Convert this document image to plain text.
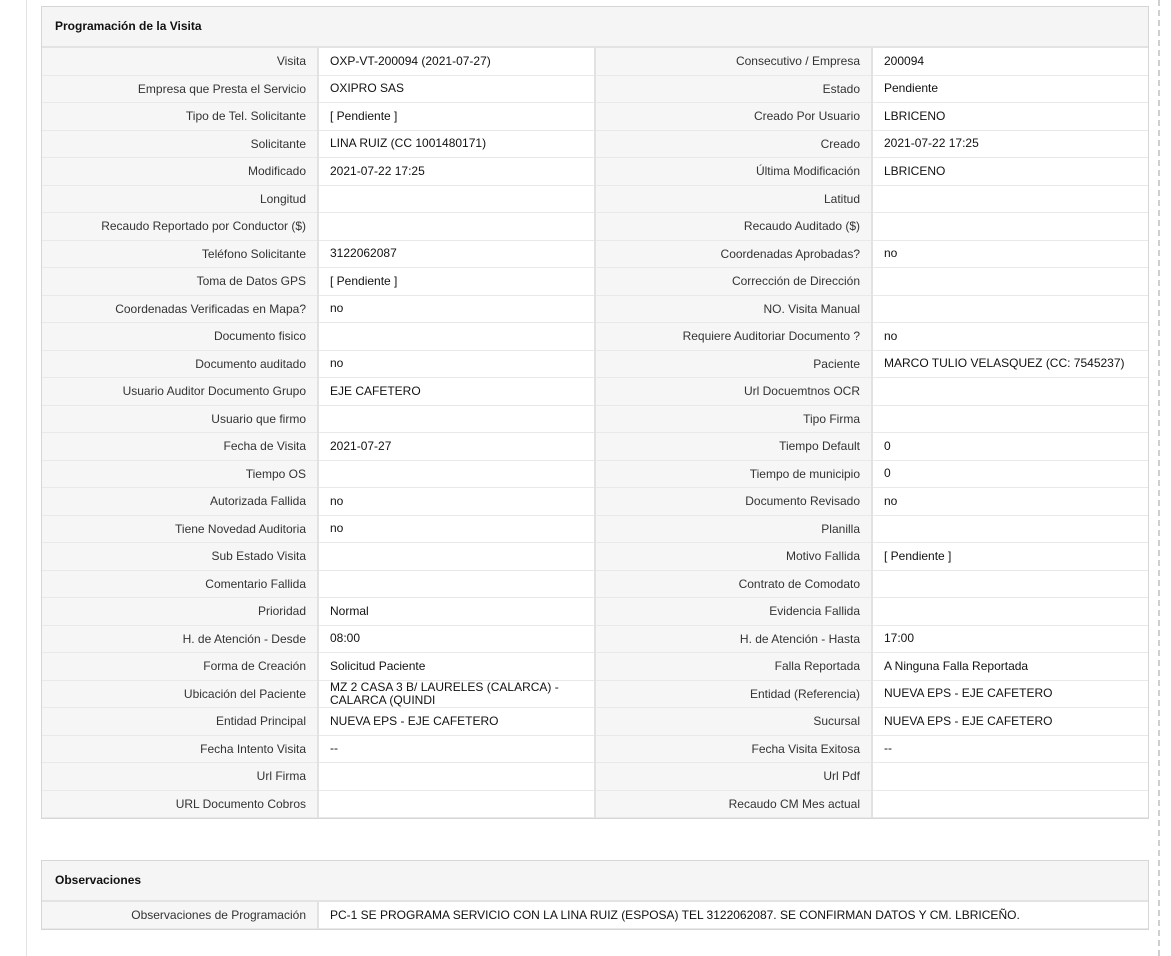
Programación de la Visita
Visita	OXP-VT-200094 (2021-07-27)	Consecutivo / Empresa	200094
Empresa que Presta el Servicio	OXIPRO SAS	Estado	Pendiente
Tipo de Tel. Solicitante	[ Pendiente ]	Creado Por Usuario	LBRICENO
Solicitante	LINA RUIZ (CC 1001480171)	Creado	2021-07-22 17:25
Modificado	2021-07-22 17:25	Última Modificación	LBRICENO
Longitud		Latitud	
Recaudo Reportado por Conductor ($)		Recaudo Auditado ($)	
Teléfono Solicitante	3122062087	Coordenadas Aprobadas?	no
Toma de Datos GPS	[ Pendiente ]	Corrección de Dirección	
Coordenadas Verificadas en Mapa?	no	NO. Visita Manual	
Documento fisico		Requiere Auditoriar Documento ?	no
Documento auditado	no	Paciente	MARCO TULIO VELASQUEZ (CC: 7545237)
Usuario Auditor Documento Grupo	EJE CAFETERO	Url Docuemtnos OCR	
Usuario que firmo		Tipo Firma	
Fecha de Visita	2021-07-27	Tiempo Default	0
Tiempo OS		Tiempo de municipio	0
Autorizada Fallida	no	Documento Revisado	no
Tiene Novedad Auditoria	no	Planilla	
Sub Estado Visita		Motivo Fallida	[ Pendiente ]
Comentario Fallida		Contrato de Comodato	
Prioridad	Normal	Evidencia Fallida	
H. de Atención - Desde	08:00	H. de Atención - Hasta	17:00
Forma de Creación	Solicitud Paciente	Falla Reportada	A Ninguna Falla Reportada
Ubicación del Paciente	MZ 2 CASA 3 B/ LAURELES (CALARCA) - CALARCA (QUINDI	Entidad (Referencia)	NUEVA EPS - EJE CAFETERO
Entidad Principal	NUEVA EPS - EJE CAFETERO	Sucursal	NUEVA EPS - EJE CAFETERO
Fecha Intento Visita	--	Fecha Visita Exitosa	--
Url Firma		Url Pdf	
URL Documento Cobros		Recaudo CM Mes actual	
Observaciones
Observaciones de Programación	PC-1 SE PROGRAMA SERVICIO CON LA LINA RUIZ (ESPOSA) TEL 3122062087. SE CONFIRMAN DATOS Y CM. LBRICEÑO.
